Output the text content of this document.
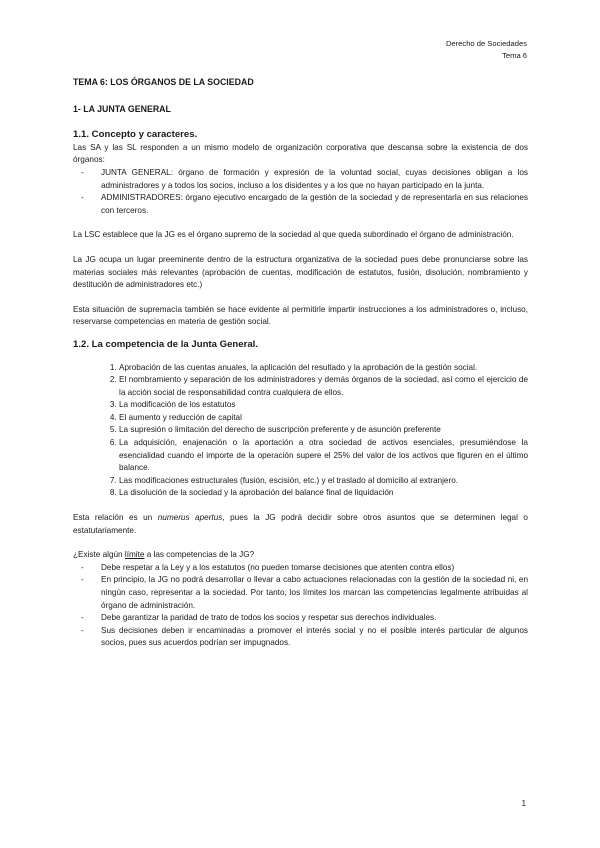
Derecho de Sociedades
Tema 6
TEMA 6: LOS ÓRGANOS DE LA SOCIEDAD
1- LA JUNTA GENERAL
1.1. Concepto y caracteres.

Las SA y las SL responden a un mismo modelo de organización corporativa que descansa sobre la existencia de dos órganos:

- JUNTA GENERAL: órgano de formación y expresión de la voluntad social, cuyas decisiones obligan a los administradores y a todos los socios, incluso a los disidentes y a los que no hayan participado en la junta.
- ADMINISTRADORES: órgano ejecutivo encargado de la gestión de la sociedad y de representarla en sus relaciones con terceros.

La LSC establece que la JG es el órgano supremo de la sociedad al que queda subordinado el órgano de administración.

La JG ocupa un lugar preeminente dentro de la estructura organizativa de la sociedad pues debe pronunciarse sobre las materias sociales más relevantes (aprobación de cuentas, modificación de estatutos, fusión, disolución, nombramiento y destitución de administradores etc.)

Esta situación de supremacía también se hace evidente al permitirle impartir instrucciones a los administradores o, incluso, reservarse competencias en materia de gestión social.

1.2. La competencia de la Junta General.
1. Aprobación de las cuentas anuales, la aplicación del resultado y la aprobación de la gestión social.
2. El nombramiento y separación de los administradores y demás órganos de la sociedad, así como el ejercicio de la acción social de responsabilidad contra cualquiera de ellos.
3. La modificación de los estatutos
4. El aumento y reducción de capital
5. La supresión o limitación del derecho de suscripción preferente y de asunción preferente
6. La adquisición, enajenación o la aportación a otra sociedad de activos esenciales, presumiéndose la esencialidad cuando el importe de la operación supere el 25% del valor de los activos que figuren en el último balance.
7. Las modificaciones estructurales (fusión, escisión, etc.) y el traslado al domicilio al extranjero.
8. La disolución de la sociedad y la aprobación del balance final de liquidación

Esta relación es un numerus apertus, pues la JG podrá decidir sobre otros asuntos que se determinen legal o estatutariamente.

¿Existe algún límite a las competencias de la JG?

- Debe respetar a la Ley y a los estatutos (no pueden tomarse decisiones que atenten contra ellos)
- En principio, la JG no podrá desarrollar o llevar a cabo actuaciones relacionadas con la gestión de la sociedad ni, en ningún caso, representar a la sociedad. Por tanto, los límites los marcan las competencias legalmente atribuidas al órgano de administración.
- Debe garantizar la paridad de trato de todos los socios y respetar sus derechos individuales.
- Sus decisiones deben ir encaminadas a promover el interés social y no el posible interés particular de algunos socios, pues sus acuerdos podrían ser impugnados.
1
